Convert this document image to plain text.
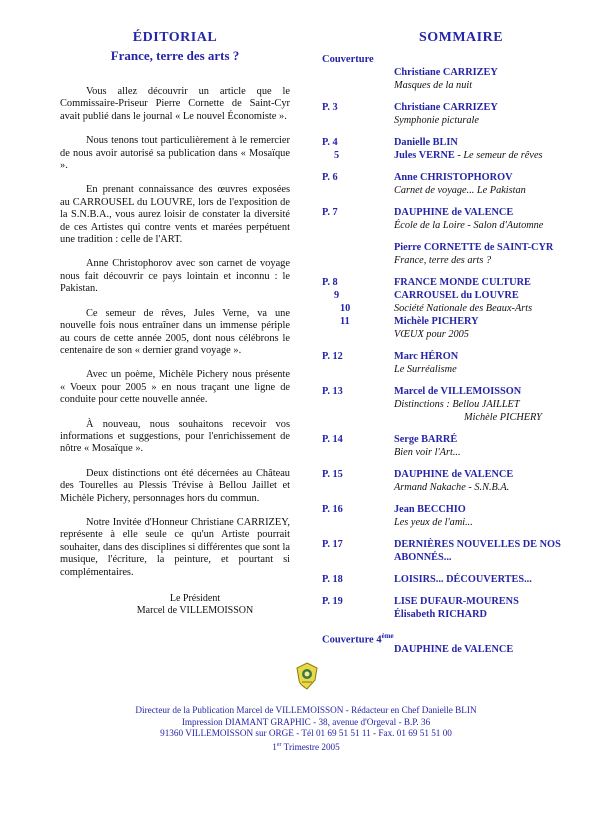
ÉDITORIAL
France, terre des arts ?

Vous allez découvrir un article que le Commissaire-Priseur Pierre Cornette de Saint-Cyr avait publié dans le journal « Le nouvel Économiste ».

Nous tenons tout particulièrement à le remercier de nous avoir autorisé sa publication dans « Mosaïque ».

En prenant connaissance des œuvres exposées au CARROUSEL du LOUVRE, lors de l'exposition de la S.N.B.A., vous aurez loisir de constater la diversité de ces Artistes qui contre vents et marées perpétuent une tradition : celle de l'ART.

Anne Christophorov avec son carnet de voyage nous fait découvrir ce pays lointain et inconnu : le Pakistan.

Ce semeur de rêves, Jules Verne, va une nouvelle fois nous entraîner dans un immense périple au cours de cette année 2005, dont nous célébrons le centenaire de son « dernier grand voyage ».

Avec un poème, Michèle Pichery nous présente « Voeux pour 2005 » en nous traçant une ligne de conduite pour cette nouvelle année.

À nouveau, nous souhaitons recevoir vos informations et suggestions, pour l'enrichissement de nôtre « Mosaïque ».

Deux distinctions ont été décernées au Château des Tourelles au Plessis Trévise à Bellou Jaillet et Michèle Pichery, personnages hors du commun.

Notre Invitée d'Honneur Christiane CARRIZEY, représente à elle seule ce qu'un Artiste pourrait souhaiter, dans des disciplines si différentes que sont la musique, l'écriture, la peinture, et pourtant si complémentaires.

Le Président
Marcel de VILLEMOISSON
SOMMAIRE
Couverture
Christiane CARRIZEY
Masques de la nuit
P. 3	Christiane CARRIZEY
Symphonie picturale
P. 4	Danielle BLIN
5	Jules VERNE - Le semeur de rêves
P. 6	Anne CHRISTOPHOROV
Carnet de voyage... Le Pakistan
P. 7	DAUPHINE de VALENCE
École de la Loire - Salon d'Automne
Pierre CORNETTE de SAINT-CYR
France, terre des arts ?
P. 8	FRANCE MONDE CULTURE
9	CARROUSEL du LOUVRE
10	Société Nationale des Beaux-Arts
11	Michèle PICHERY
VŒUX pour 2005
P. 12	Marc HÉRON
Le Surréalisme
P. 13	Marcel de VILLEMOISSON
Distinctions : Bellou JAILLET
Michèle PICHERY
P. 14	Serge BARRÉ
Bien voir l'Art...
P. 15	DAUPHINE de VALENCE
Armand Nakache - S.N.B.A.
P. 16	Jean BECCHIO
Les yeux de l'ami...
P. 17	DERNIÈRES NOUVELLES DE NOS ABONNÉS...
P. 18	LOISIRS... DÉCOUVERTES...
P. 19	LISE DUFAUR-MOURENS
Élisabeth RICHARD
Couverture 4ème
DAUPHINE de VALENCE
Directeur de la Publication Marcel de VILLEMOISSON - Rédacteur en Chef Danielle BLIN
Impression DIAMANT GRAPHIC - 38, avenue d'Orgeval - B.P. 36
91360 VILLEMOISSON sur ORGE - Tél 01 69 51 51 11 - Fax. 01 69 51 51 00
1er Trimestre 2005
